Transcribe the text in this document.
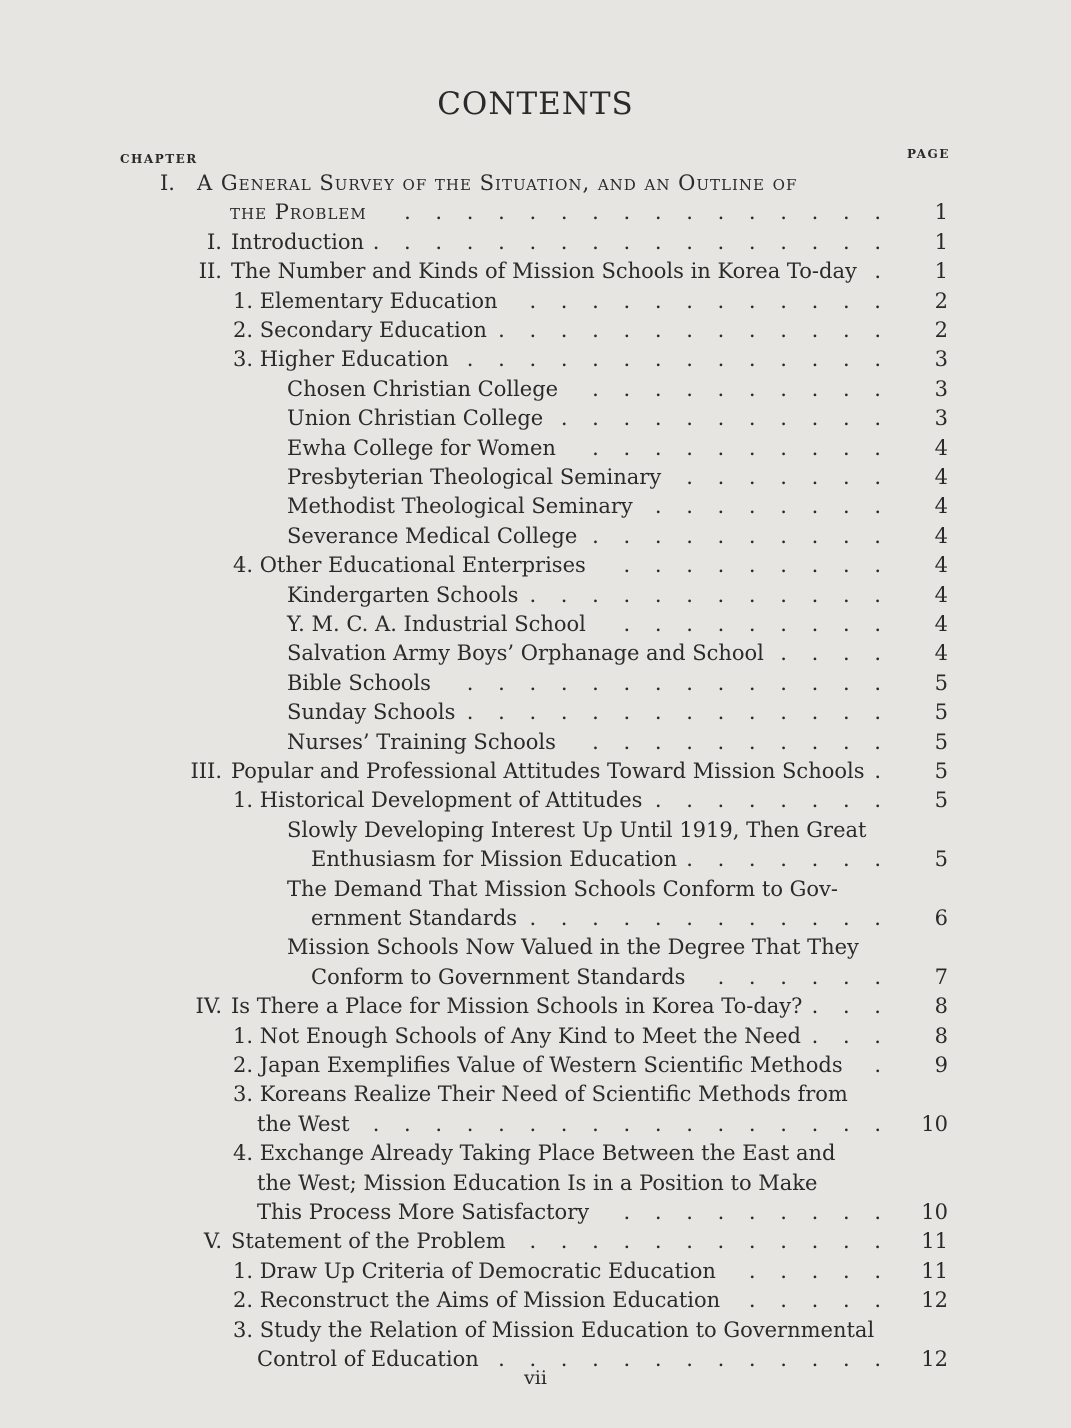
CONTENTS
CHAPTER	PAGE
I. A General Survey of the Situation, and an Outline of
the Problem	. . . . . . . . . . . . . . . .	1
I. Introduction . . . . . . . . . . . . . . . . .	1
II. The Number and Kinds of Mission Schools in Korea To-day .	1
1. Elementary Education	. . . . . . . . . . . .	2
2. Secondary Education . . . . . . . . . . . . .	2
3. Higher Education . . . . . . . . . . . . . .	3
Chosen Christian College	. . . . . . . . . .	3
Union Christian College . . . . . . . . . . .	3
Ewha College for Women	. . . . . . . . . .	4
Presbyterian Theological Seminary	. . . . . . .	4
Methodist Theological Seminary	. . . . . . . .	4
Severance Medical College . . . . . . . . . .	4
4. Other Educational Enterprises	. . . . . . . . .	4
Kindergarten Schools . . . . . . . . . . . .	4
Y. M. C. A. Industrial School	. . . . . . . . .	4
Salvation Army Boys’ Orphanage and School . . . .	4
Bible Schools	. . . . . . . . . . . . . .	5
Sunday Schools . . . . . . . . . . . . . .	5
Nurses’ Training Schools	. . . . . . . . . .	5
III. Popular and Professional Attitudes Toward Mission Schools .	5
1. Historical Development of Attitudes . . . . . . . .	5
Slowly Developing Interest Up Until 1919, Then Great
Enthusiasm for Mission Education . . . . . . .	5
The Demand That Mission Schools Conform to Gov-
ernment Standards . . . . . . . . . . . .	6
Mission Schools Now Valued in the Degree That They
Conform to Government Standards	. . . . . .	7
IV. Is There a Place for Mission Schools in Korea To-day? . . .	8
1. Not Enough Schools of Any Kind to Meet the Need . . .	8
2. Japan Exemplifies Value of Western Scientific Methods	.	9
3. Koreans Realize Their Need of Scientific Methods from
the West	. . . . . . . . . . . . . . . . .	10
4. Exchange Already Taking Place Between the East and
the West; Mission Education Is in a Position to Make
This Process More Satisfactory	. . . . . . . . .	10
V. Statement of the Problem	. . . . . . . . . . . .	11
1. Draw Up Criteria of Democratic Education	. . . . .	11
2. Reconstruct the Aims of Mission Education	. . . . .	12
3. Study the Relation of Mission Education to Governmental
Control of Education . . . . . . . . . . . . .	12
vii
